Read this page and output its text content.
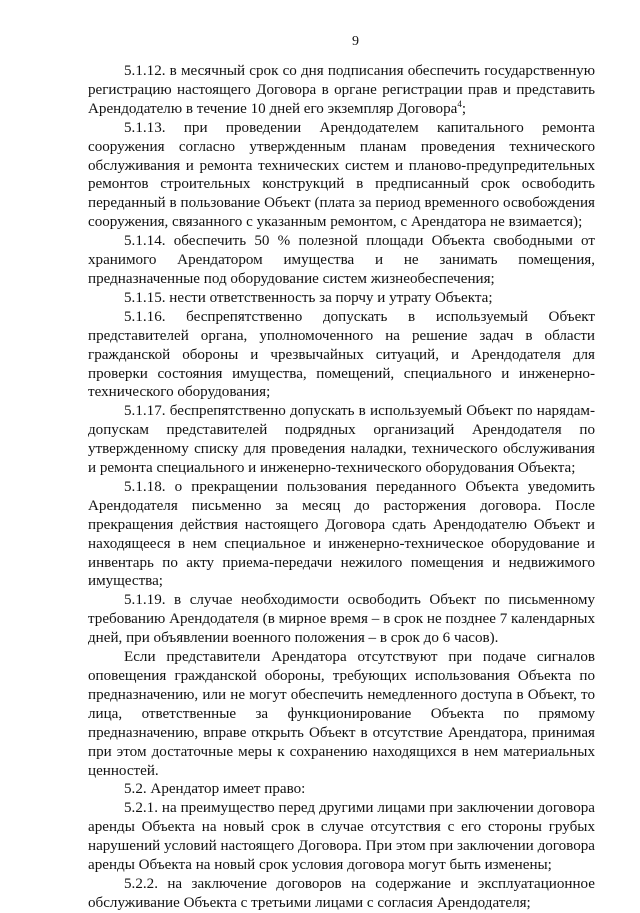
9

5.1.12. в месячный срок со дня подписания обеспечить государственную регистрацию настоящего Договора в органе регистрации прав и представить Арендодателю в течение 10 дней его экземпляр Договора$^4$;

5.1.13. при проведении Арендодателем капитального ремонта сооружения согласно утвержденным планам проведения технического обслуживания и ремонта технических систем и планово-предупредительных ремонтов строительных конструкций в предписанный срок освободить переданный в пользование Объект (плата за период временного освобождения сооружения, связанного с указанным ремонтом, с Арендатора не взимается);

5.1.14. обеспечить 50 % полезной площади Объекта свободными от хранимого Арендатором имущества и не занимать помещения, предназначенные под оборудование систем жизнеобеспечения;

5.1.15. нести ответственность за порчу и утрату Объекта;

5.1.16. беспрепятственно допускать в используемый Объект представителей органа, уполномоченного на решение задач в области гражданской обороны и чрезвычайных ситуаций, и Арендодателя для проверки состояния имущества, помещений, специального и инженерно-технического оборудования;

5.1.17. беспрепятственно допускать в используемый Объект по нарядам-допускам представителей подрядных организаций Арендодателя по утвержденному списку для проведения наладки, технического обслуживания и ремонта специального и инженерно-технического оборудования Объекта;

5.1.18. о прекращении пользования переданного Объекта уведомить Арендодателя письменно за месяц до расторжения договора. После прекращения действия настоящего Договора сдать Арендодателю Объект и находящееся в нем специальное и инженерно-техническое оборудование и инвентарь по акту приема-передачи нежилого помещения и недвижимого имущества;

5.1.19. в случае необходимости освободить Объект по письменному требованию Арендодателя (в мирное время – в срок не позднее 7 календарных дней, при объявлении военного положения – в срок до 6 часов).

Если представители Арендатора отсутствуют при подаче сигналов оповещения гражданской обороны, требующих использования Объекта по предназначению, или не могут обеспечить немедленного доступа в Объект, то лица, ответственные за функционирование Объекта по прямому предназначению, вправе открыть Объект в отсутствие Арендатора, принимая при этом достаточные меры к сохранению находящихся в нем материальных ценностей.

5.2. Арендатор имеет право:

5.2.1. на преимущество перед другими лицами при заключении договора аренды Объекта на новый срок в случае отсутствия с его стороны грубых нарушений условий настоящего Договора. При этом при заключении договора аренды Объекта на новый срок условия договора могут быть изменены;

5.2.2. на заключение договоров на содержание и эксплуатационное обслуживание Объекта с третьими лицами с согласия Арендодателя;
